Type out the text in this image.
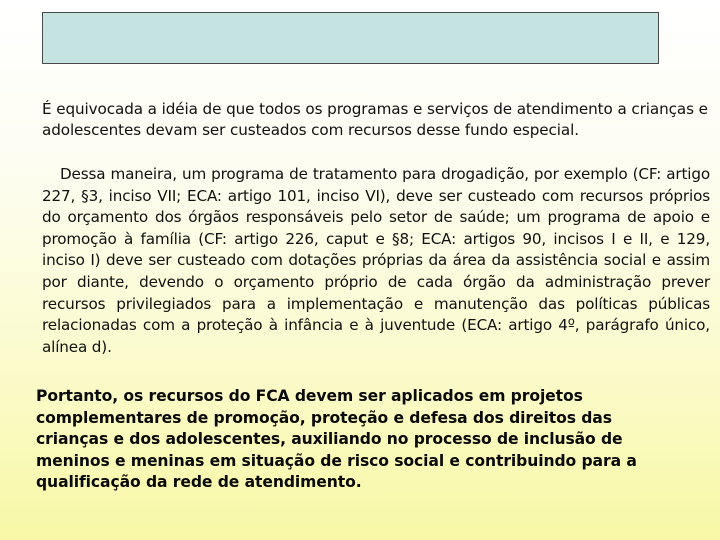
É equivocada a idéia de que todos os programas e serviços de atendimento a crianças e adolescentes devam ser custeados com recursos desse fundo especial.

Dessa maneira, um programa de tratamento para drogadição, por exemplo (CF: artigo 227, §3, inciso VII; ECA: artigo 101, inciso VI), deve ser custeado com recursos próprios do orçamento dos órgãos responsáveis pelo setor de saúde; um programa de apoio e promoção à família (CF: artigo 226, caput e §8; ECA: artigos 90, incisos I e II, e 129, inciso I) deve ser custeado com dotações próprias da área da assistência social e assim por diante, devendo o orçamento próprio de cada órgão da administração prever recursos privilegiados para a implementação e manutenção das políticas públicas relacionadas com a proteção à infância e à juventude (ECA: artigo 4º, parágrafo único, alínea d).

Portanto, os recursos do FCA devem ser aplicados em projetos complementares de promoção, proteção e defesa dos direitos das crianças e dos adolescentes, auxiliando no processo de inclusão de meninos e meninas em situação de risco social e contribuindo para a qualificação da rede de atendimento.
